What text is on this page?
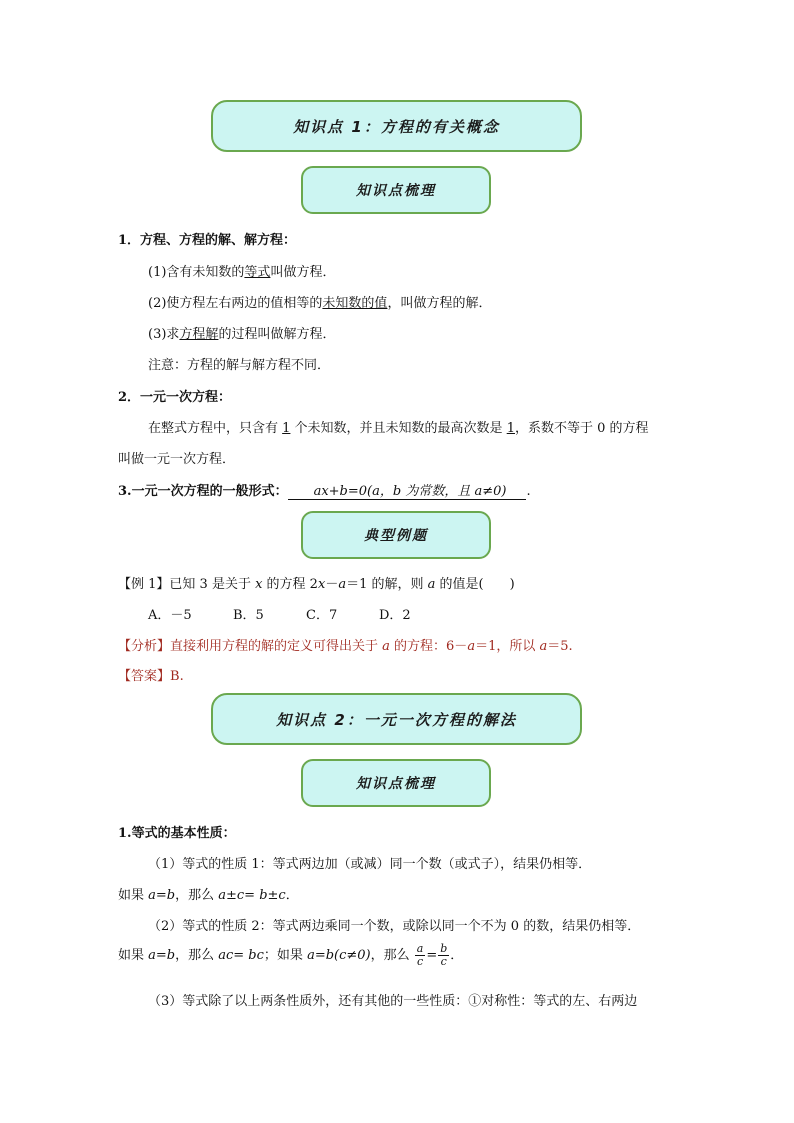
知识点 1：方程的有关概念
知识点梳理
1．方程、方程的解、解方程：
(1)含有未知数的等式叫做方程．
(2)使方程左右两边的值相等的未知数的值，叫做方程的解．
(3)求方程解的过程叫做解方程．
注意：方程的解与解方程不同．
2．一元一次方程：
在整式方程中，只含有 1 个未知数，并且未知数的最高次数是 1，系数不等于 0 的方程
叫做一元一次方程．
3.一元一次方程的一般形式： ax+b=0(a，b 为常数，且 a≠0) .
典型例题
【例 1】已知 3 是关于 x 的方程 2x－a＝1 的解，则 a 的值是(　　)
A．－5	B．5	C．7	D．2
【分析】直接利用方程的解的定义可得出关于 a 的方程：6－a＝1，所以 a＝5.
【答案】B.
知识点 2：一元一次方程的解法
知识点梳理
1.等式的基本性质：
（1）等式的性质 1：等式两边加（或减）同一个数（或式子），结果仍相等．
如果 a=b，那么 a±c= b±c．
（2）等式的性质 2：等式两边乘同一个数，或除以同一个不为 0 的数，结果仍相等．
如果 a=b，那么 ac= bc；如果 a=b(c≠0)，那么 $\frac{a}{c} = \frac{b}{c}$ ．
（3）等式除了以上两条性质外，还有其他的一些性质：①对称性：等式的左、右两边
